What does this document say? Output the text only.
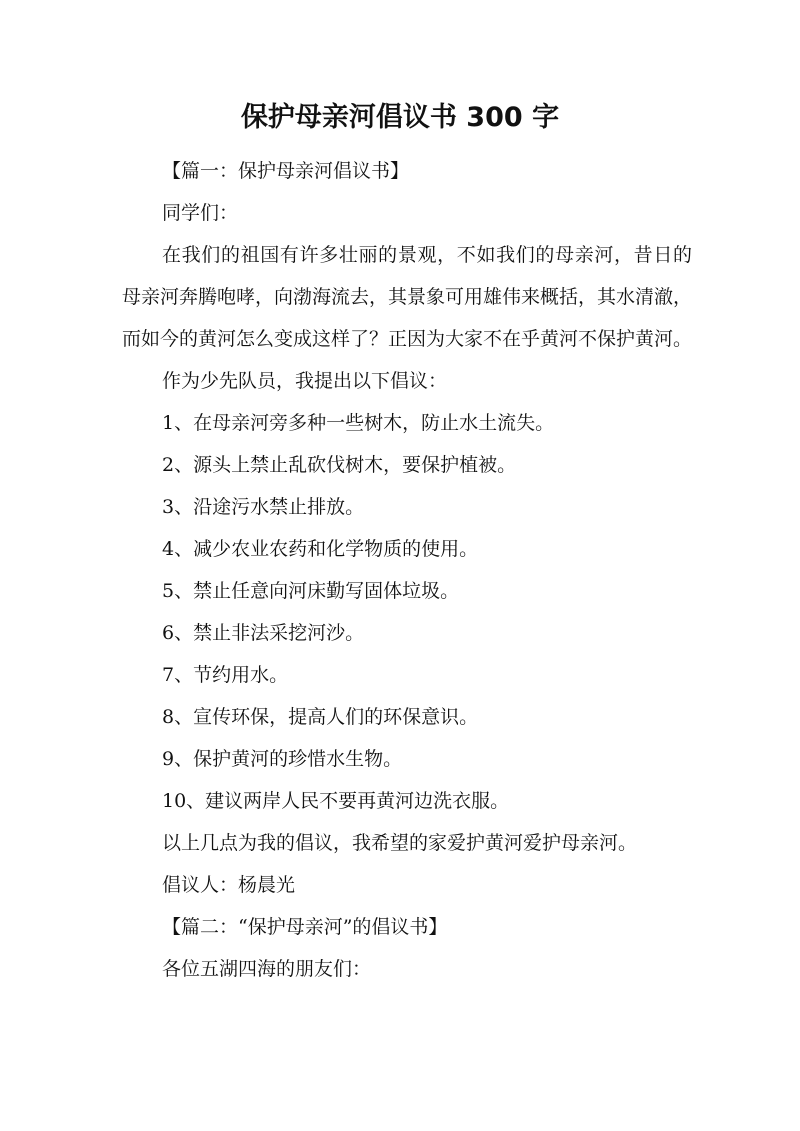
保护母亲河倡议书 300 字

【篇一：保护母亲河倡议书】

同学们：

在我们的祖国有许多壮丽的景观，不如我们的母亲河，昔日的母亲河奔腾咆哮，向渤海流去，其景象可用雄伟来概括，其水清澈，而如今的黄河怎么变成这样了？正因为大家不在乎黄河不保护黄河。

作为少先队员，我提出以下倡议：

1、在母亲河旁多种一些树木，防止水土流失。

2、源头上禁止乱砍伐树木，要保护植被。

3、沿途污水禁止排放。

4、减少农业农药和化学物质的使用。

5、禁止任意向河床勤写固体垃圾。

6、禁止非法采挖河沙。

7、节约用水。

8、宣传环保，提高人们的环保意识。

9、保护黄河的珍惜水生物。

10、建议两岸人民不要再黄河边洗衣服。

以上几点为我的倡议，我希望的家爱护黄河爱护母亲河。

倡议人：杨晨光

【篇二：“保护母亲河”的倡议书】

各位五湖四海的朋友们：
